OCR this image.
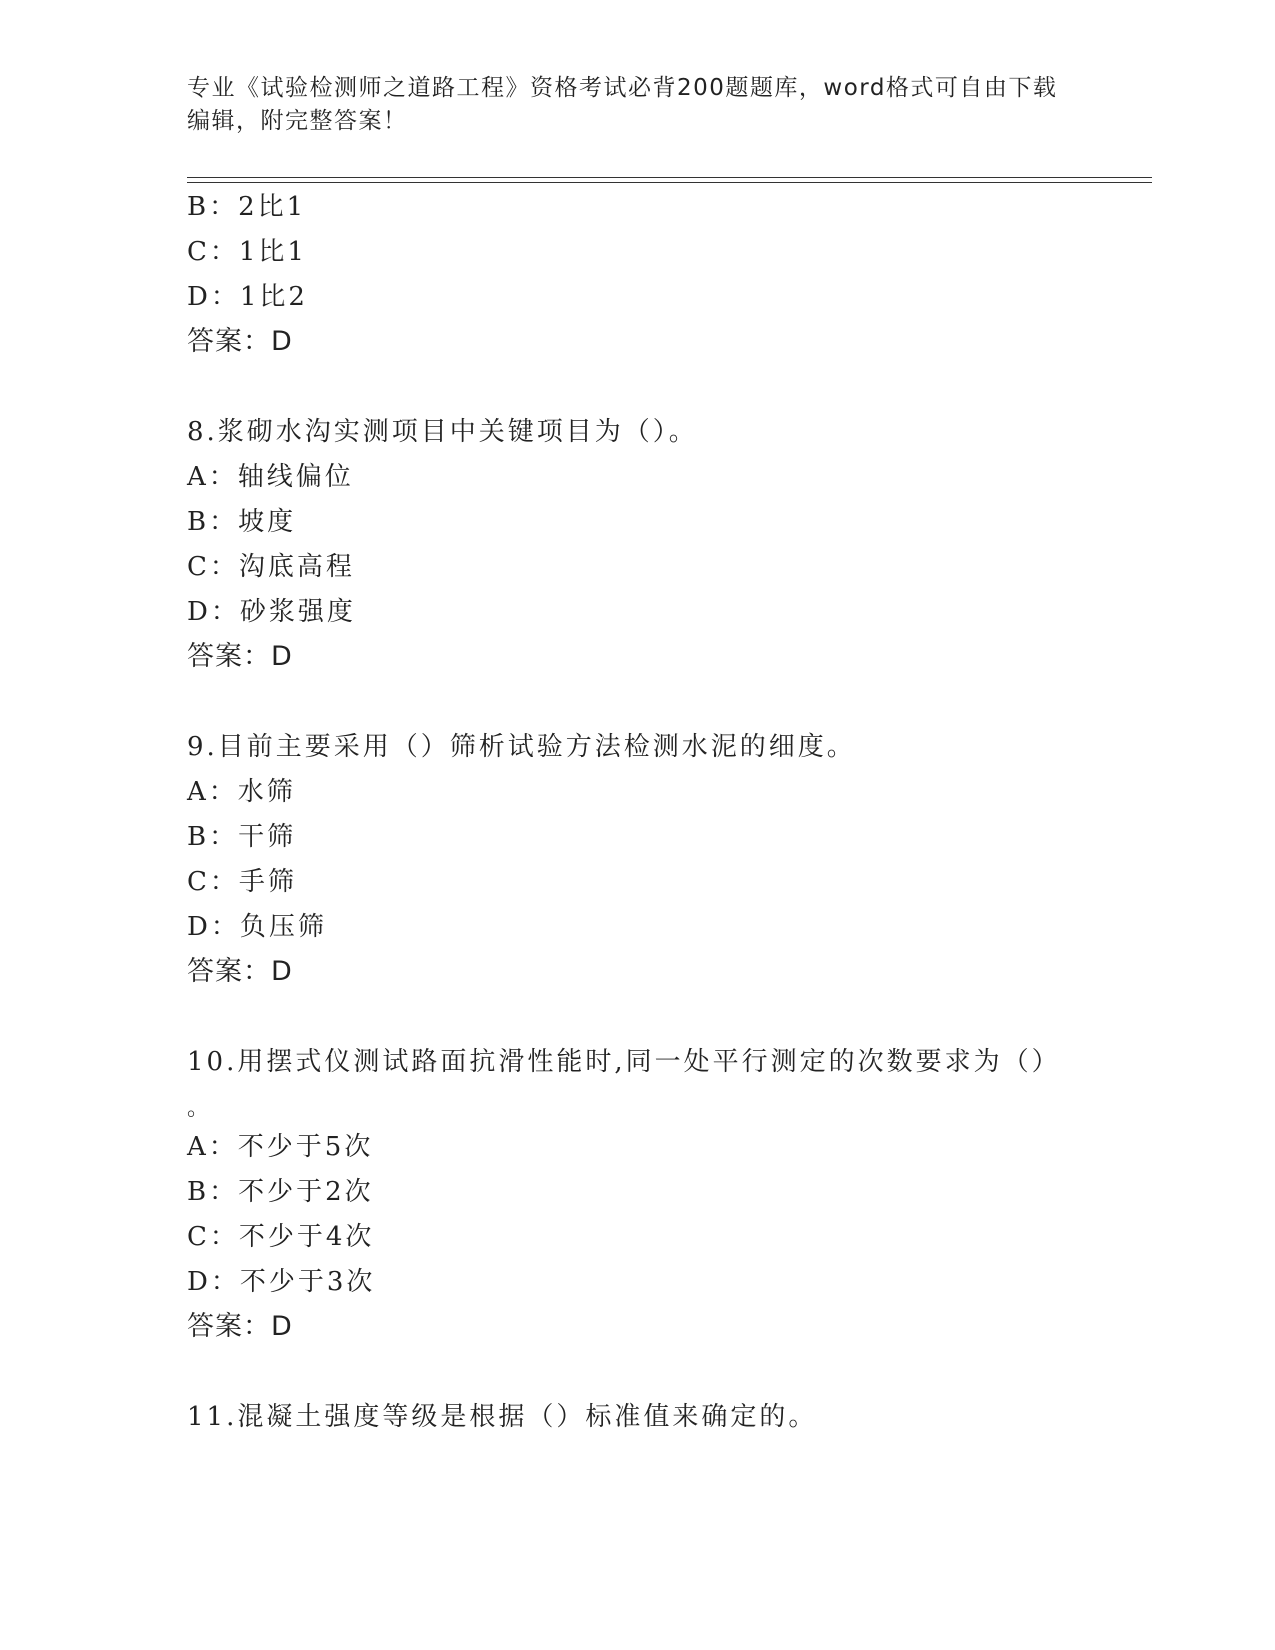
专业《试验检测师之道路工程》资格考试必背200题题库，word格式可自由下载
编辑，附完整答案！
B：2比1
C：1比1
D：1比2
答案：D
8.浆砌水沟实测项目中关键项目为（）。
A：轴线偏位
B：坡度
C：沟底高程
D：砂浆强度
答案：D
9.目前主要采用（）筛析试验方法检测水泥的细度。
A：水筛
B：干筛
C：手筛
D：负压筛
答案：D
10.用摆式仪测试路面抗滑性能时,同一处平行测定的次数要求为（）
。
A：不少于5次
B：不少于2次
C：不少于4次
D：不少于3次
答案：D
11.混凝土强度等级是根据（）标准值来确定的。
